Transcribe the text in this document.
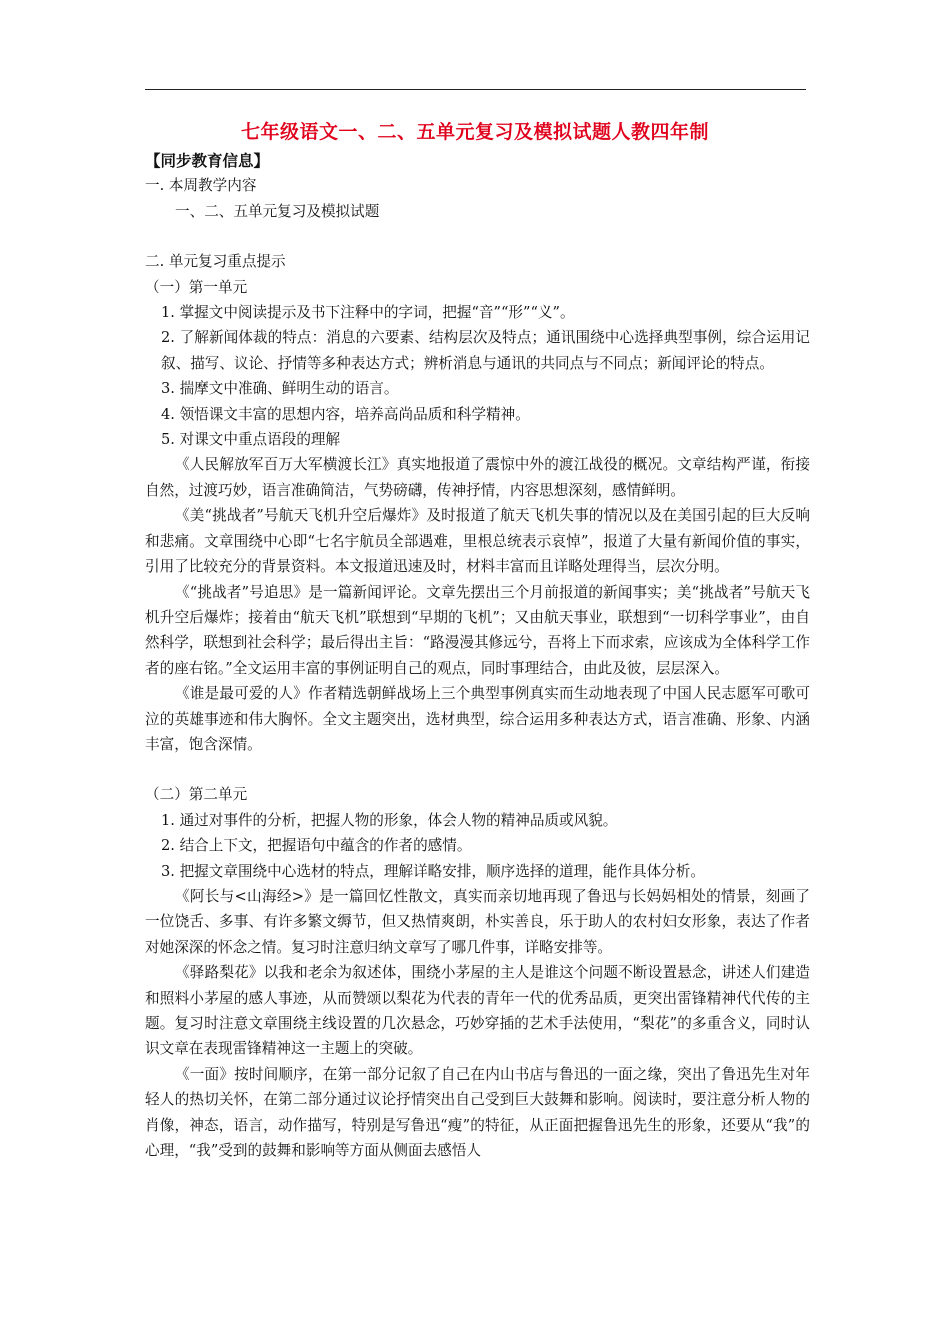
七年级语文一、二、五单元复习及模拟试题人教四年制

【同步教育信息】

一. 本周教学内容

一、二、五单元复习及模拟试题

二. 单元复习重点提示

（一）第一单元

1. 掌握文中阅读提示及书下注释中的字词，把握“音”“形”“义”。

2. 了解新闻体裁的特点：消息的六要素、结构层次及特点；通讯围绕中心选择典型事例，综合运用记叙、描写、议论、抒情等多种表达方式；辨析消息与通讯的共同点与不同点；新闻评论的特点。

3. 揣摩文中准确、鲜明生动的语言。

4. 领悟课文丰富的思想内容，培养高尚品质和科学精神。

5. 对课文中重点语段的理解

《人民解放军百万大军横渡长江》真实地报道了震惊中外的渡江战役的概况。文章结构严谨，衔接自然，过渡巧妙，语言准确简洁，气势磅礴，传神抒情，内容思想深刻，感情鲜明。

《美“挑战者”号航天飞机升空后爆炸》及时报道了航天飞机失事的情况以及在美国引起的巨大反响和悲痛。文章围绕中心即“七名宇航员全部遇难，里根总统表示哀悼”，报道了大量有新闻价值的事实，引用了比较充分的背景资料。本文报道迅速及时，材料丰富而且详略处理得当，层次分明。

《“挑战者”号追思》是一篇新闻评论。文章先摆出三个月前报道的新闻事实；美“挑战者”号航天飞机升空后爆炸；接着由“航天飞机”联想到“早期的飞机”；又由航天事业，联想到“一切科学事业”，由自然科学，联想到社会科学；最后得出主旨：“路漫漫其修远兮，吾将上下而求索，应该成为全体科学工作者的座右铭。”全文运用丰富的事例证明自己的观点，同时事理结合，由此及彼，层层深入。

《谁是最可爱的人》作者精选朝鲜战场上三个典型事例真实而生动地表现了中国人民志愿军可歌可泣的英雄事迹和伟大胸怀。全文主题突出，选材典型，综合运用多种表达方式，语言准确、形象、内涵丰富，饱含深情。

（二）第二单元

1. 通过对事件的分析，把握人物的形象，体会人物的精神品质或风貌。

2. 结合上下文，把握语句中蕴含的作者的感情。

3. 把握文章围绕中心选材的特点，理解详略安排，顺序选择的道理，能作具体分析。

《阿长与<山海经>》是一篇回忆性散文，真实而亲切地再现了鲁迅与长妈妈相处的情景，刻画了一位饶舌、多事、有许多繁文缛节，但又热情爽朗，朴实善良，乐于助人的农村妇女形象，表达了作者对她深深的怀念之情。复习时注意归纳文章写了哪几件事，详略安排等。

《驿路梨花》以我和老余为叙述体，围绕小茅屋的主人是谁这个问题不断设置悬念，讲述人们建造和照料小茅屋的感人事迹，从而赞颂以梨花为代表的青年一代的优秀品质，更突出雷锋精神代代传的主题。复习时注意文章围绕主线设置的几次悬念，巧妙穿插的艺术手法使用，“梨花”的多重含义，同时认识文章在表现雷锋精神这一主题上的突破。

《一面》按时间顺序，在第一部分记叙了自己在内山书店与鲁迅的一面之缘，突出了鲁迅先生对年轻人的热切关怀，在第二部分通过议论抒情突出自己受到巨大鼓舞和影响。阅读时，要注意分析人物的肖像，神态，语言，动作描写，特别是写鲁迅“瘦”的特征，从正面把握鲁迅先生的形象，还要从“我”的心理，“我”受到的鼓舞和影响等方面从侧面去感悟人
